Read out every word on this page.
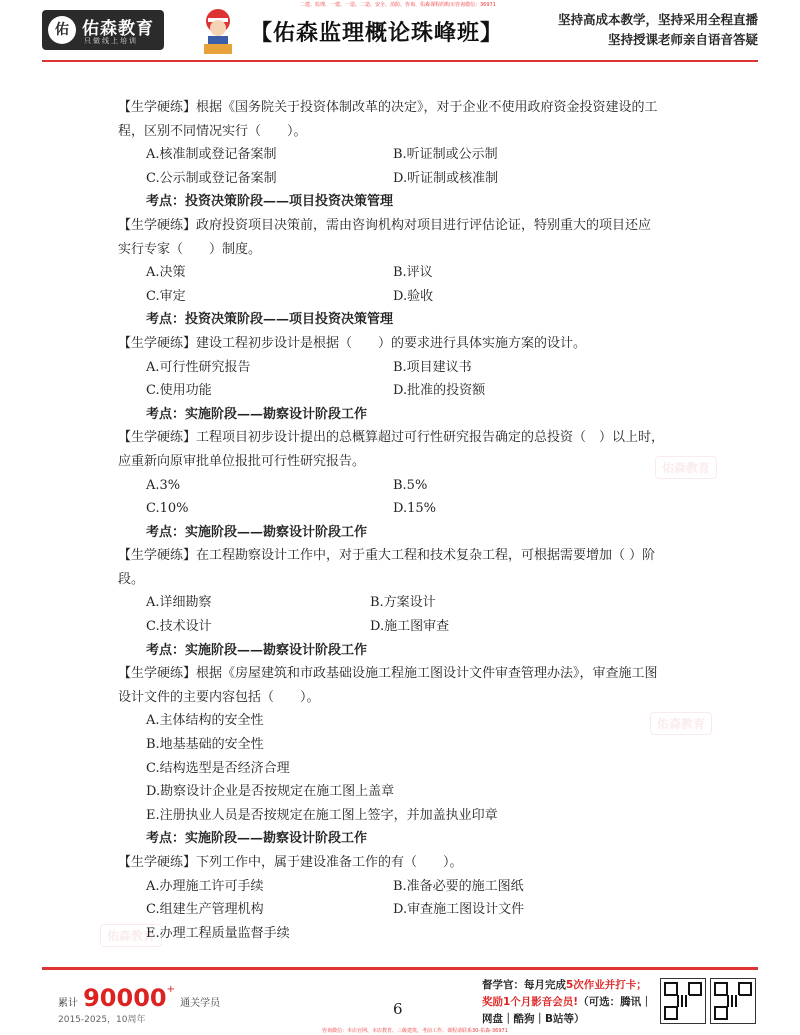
二建、监理、一建、一造、二造、安全、消防、咨询、佑森课程的购买咨询微信：36971
佑 佑森教育
只做线上培训	【佑森监理概论珠峰班】
坚持高成本教学，坚持采用全程直播
坚持授课老师亲自语音答疑
佑森教育
佑森教育
佑森教育
【生学硬练】根据《国务院关于投资体制改革的决定》，对于企业不使用政府资金投资建设的工
程，区别不同情况实行（　　）。
A.核准制或登记备案制	B.听证制或公示制
C.公示制或登记备案制	D.听证制或核准制
考点：投资决策阶段——项目投资决策管理
【生学硬练】政府投资项目决策前，需由咨询机构对项目进行评估论证，特别重大的项目还应
实行专家（　　）制度。
A.决策	B.评议
C.审定	D.验收
考点：投资决策阶段——项目投资决策管理
【生学硬练】建设工程初步设计是根据（　　）的要求进行具体实施方案的设计。
A.可行性研究报告	B.项目建议书
C.使用功能	D.批准的投资额
考点：实施阶段——勘察设计阶段工作
【生学硬练】工程项目初步设计提出的总概算超过可行性研究报告确定的总投资（　）以上时，
应重新向原审批单位报批可行性研究报告。
A.3%	B.5%
C.10%	D.15%
考点：实施阶段——勘察设计阶段工作
【生学硬练】在工程勘察设计工作中，对于重大工程和技术复杂工程，可根据需要增加（ ）阶
段。
A.详细勘察	B.方案设计
C.技术设计	D.施工图审查
考点：实施阶段——勘察设计阶段工作
【生学硬练】根据《房屋建筑和市政基础设施工程施工图设计文件审查管理办法》，审查施工图
设计文件的主要内容包括（　　）。
A.主体结构的安全性
B.地基基础的安全性
C.结构选型是否经济合理
D.勘察设计企业是否按规定在施工图上盖章
E.注册执业人员是否按规定在施工图上签字，并加盖执业印章
考点：实施阶段——勘察设计阶段工作
【生学硬练】下列工作中，属于建设准备工作的有（　　）。
A.办理施工许可手续	B.准备必要的施工图纸
C.组建生产管理机构	D.审查施工图设计文件
E.办理工程质量监督手续
累计 90000+ 通关学员
2015-2025，10周年
6
督学官：每月完成5次作业并打卡；
奖励1个月影音会员!（可选：腾讯｜
网盘｜酷狗｜B站等）
咨询微信：本店官网、本店教育、三級建筑、考前工作、课程请联系30-佑森-36971
